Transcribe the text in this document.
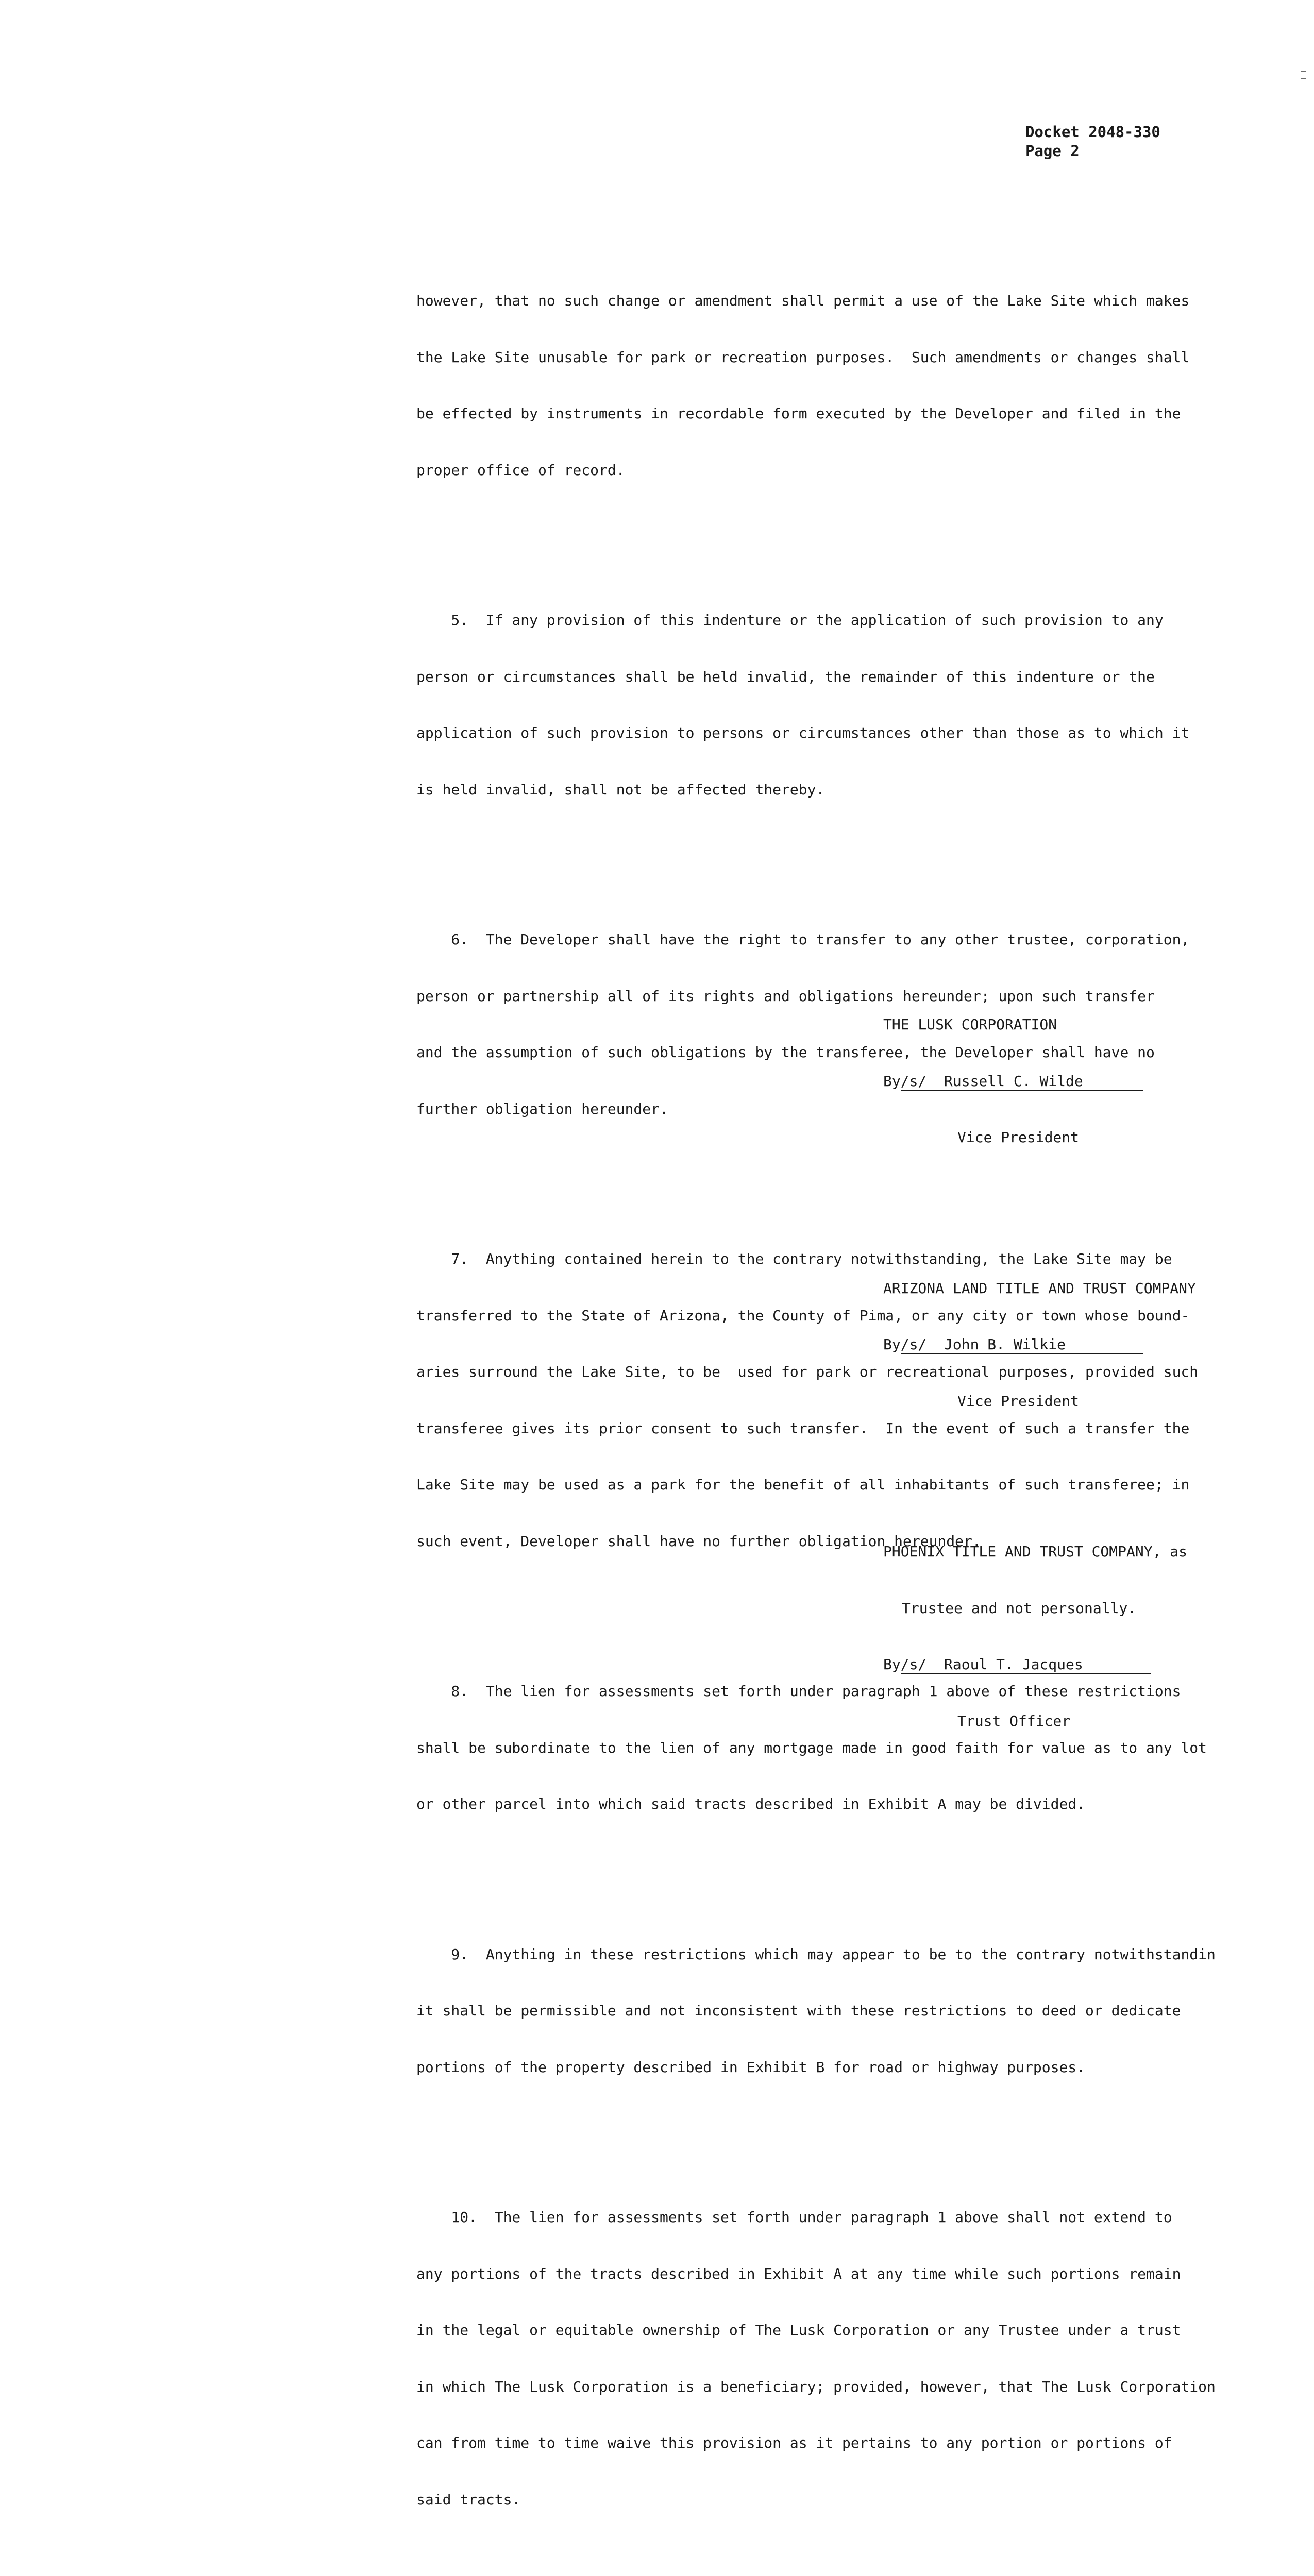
Docket 2048-330
Page 2

however, that no such change or amendment shall permit a use of the Lake Site which makes

the Lake Site unusable for park or recreation purposes.  Such amendments or changes shall

be effected by instruments in recordable form executed by the Developer and filed in the

proper office of record.

5.  If any provision of this indenture or the application of such provision to any

person or circumstances shall be held invalid, the remainder of this indenture or the

application of such provision to persons or circumstances other than those as to which it

is held invalid, shall not be affected thereby.

6.  The Developer shall have the right to transfer to any other trustee, corporation,

person or partnership all of its rights and obligations hereunder; upon such transfer

and the assumption of such obligations by the transferee, the Developer shall have no

further obligation hereunder.

7.  Anything contained herein to the contrary notwithstanding, the Lake Site may be

transferred to the State of Arizona, the County of Pima, or any city or town whose bound-

aries surround the Lake Site, to be  used for park or recreational purposes, provided such

transferee gives its prior consent to such transfer.  In the event of such a transfer the

Lake Site may be used as a park for the benefit of all inhabitants of such transferee; in

such event, Developer shall have no further obligation hereunder.

8.  The lien for assessments set forth under paragraph 1 above of these restrictions

shall be subordinate to the lien of any mortgage made in good faith for value as to any lot

or other parcel into which said tracts described in Exhibit A may be divided.

9.  Anything in these restrictions which may appear to be to the contrary notwithstandin

it shall be permissible and not inconsistent with these restrictions to deed or dedicate

portions of the property described in Exhibit B for road or highway purposes.

10.  The lien for assessments set forth under paragraph 1 above shall not extend to

any portions of the tracts described in Exhibit A at any time while such portions remain

in the legal or equitable ownership of The Lusk Corporation or any Trustee under a trust

in which The Lusk Corporation is a beneficiary; provided, however, that The Lusk Corporation

can from time to time waive this provision as it pertains to any portion or portions of

said tracts.

THE LUSK CORPORATION

By/s/  Russell C. Wilde

Vice President

ARIZONA LAND TITLE AND TRUST COMPANY

By/s/  John B. Wilkie

Vice President

PHOENIX TITLE AND TRUST COMPANY, as

Trustee and not personally.

By/s/  Raoul T. Jacques

Trust Officer
